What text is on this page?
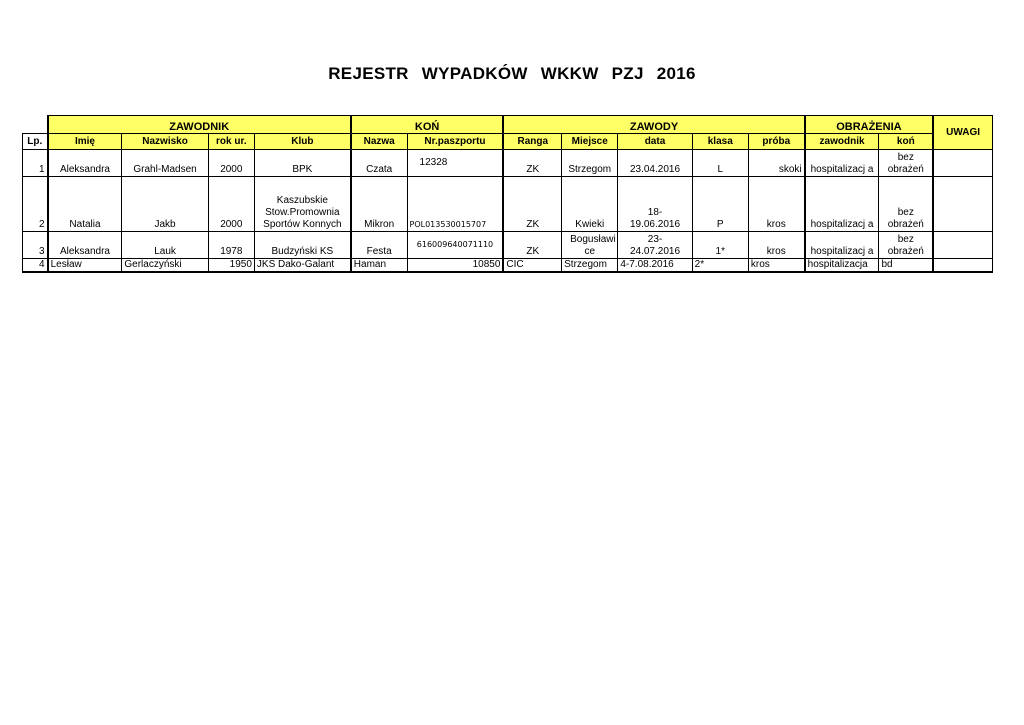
REJESTR WYPADKÓW WKKW PZJ 2016
	ZAWODNIK				KOŃ		ZAWODY					OBRAŻENIA		UWAGI
Lp.	Imię	Nazwisko	rok ur.	Klub	Nazwa	Nr.paszportu	Ranga	Miejsce	data	klasa	próba	zawodnik	koń	
1	Aleksandra	Grahl-Madsen	2000	BPK	Czata	12328	ZK	Strzegom	23.04.2016	L	skoki	hospitalizacj a	bez obrażeń	
2	Natalia	Jakb	2000	Kaszubskie Stow.Promownia Sportów Konnych	Mikron	POL013530015707	ZK	Kwieki	18-19.06.2016	P	kros	hospitalizacj a	bez obrażeń	
3	Aleksandra	Lauk	1978	Budzyński KS	Festa	616009640071110	ZK	Bogusławi ce	23-24.07.2016	1*	kros	hospitalizacj a	bez obrażeń	
4	Lesław	Gerlaczyński	1950	JKS Dako-Galant	Haman	10850	CIC	Strzegom	4-7.08.2016	2*	kros	hospitalizacja	bd	
